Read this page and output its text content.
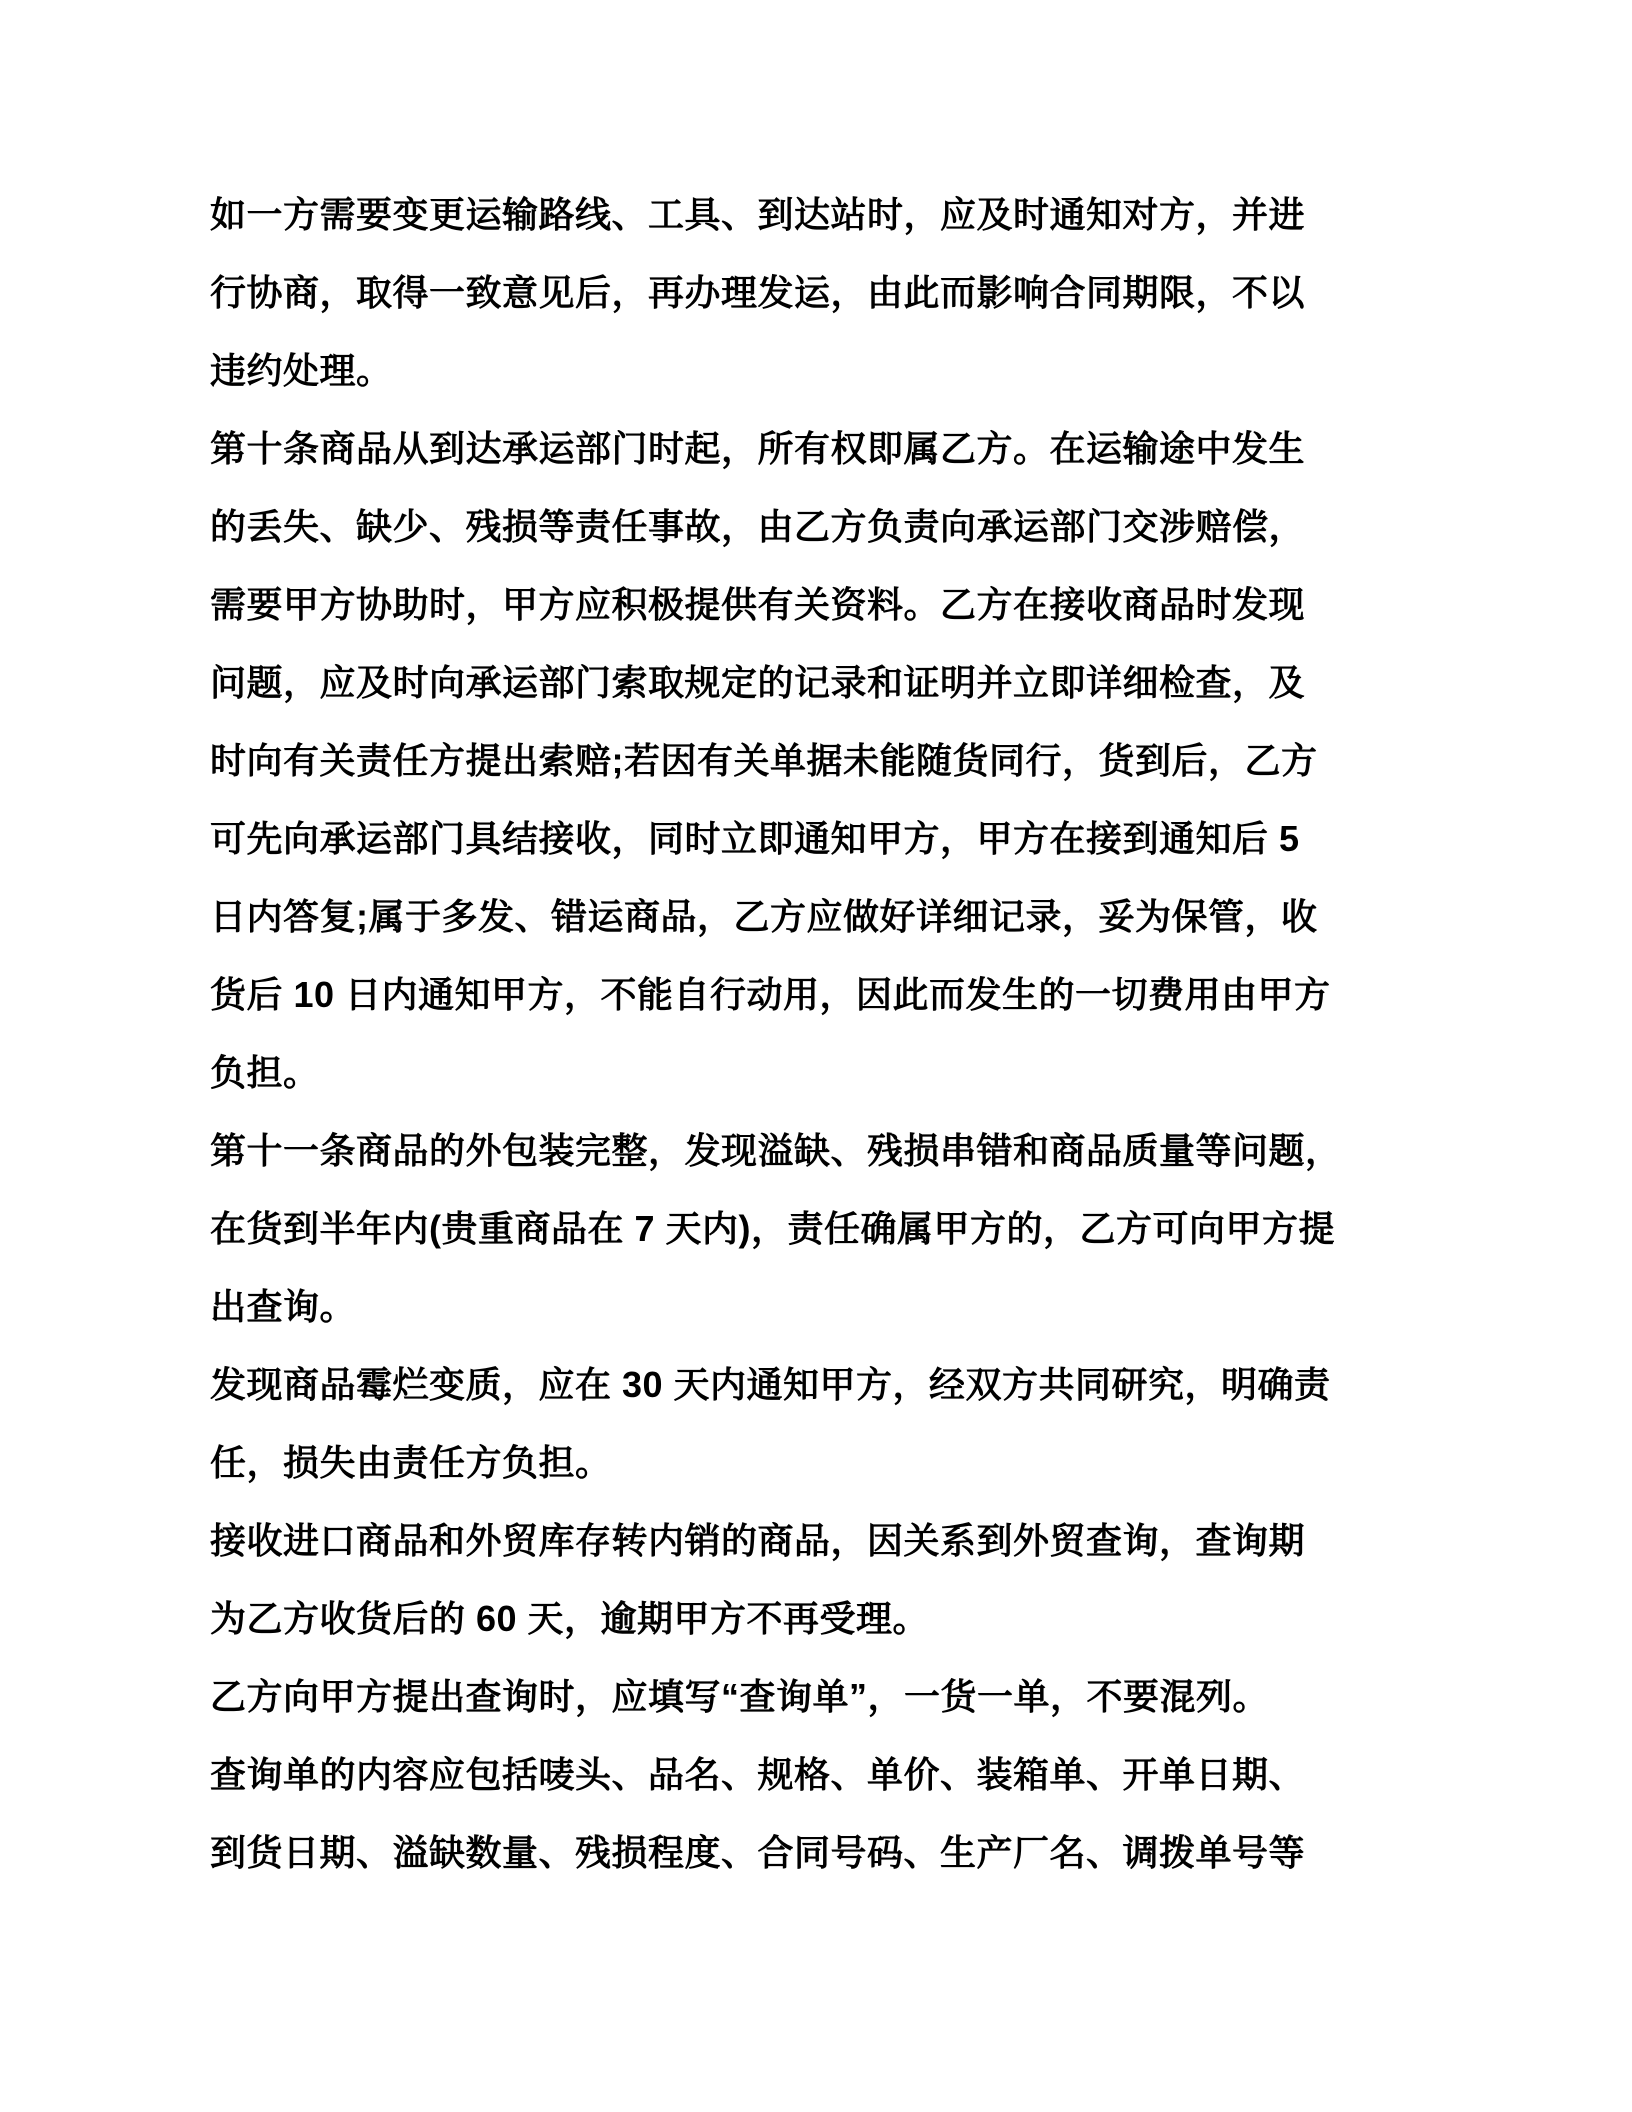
如一方需要变更运输路线、工具、到达站时，应及时通知对方，并进
行协商，取得一致意见后，再办理发运，由此而影响合同期限，不以
违约处理。
第十条商品从到达承运部门时起，所有权即属乙方。在运输途中发生
的丢失、缺少、残损等责任事故，由乙方负责向承运部门交涉赔偿，
需要甲方协助时，甲方应积极提供有关资料。乙方在接收商品时发现
问题，应及时向承运部门索取规定的记录和证明并立即详细检查，及
时向有关责任方提出索赔;若因有关单据未能随货同行，货到后，乙方
可先向承运部门具结接收，同时立即通知甲方，甲方在接到通知后 5
日内答复;属于多发、错运商品，乙方应做好详细记录，妥为保管，收
货后 10 日内通知甲方，不能自行动用，因此而发生的一切费用由甲方
负担。
第十一条商品的外包装完整，发现溢缺、残损串错和商品质量等问题，
在货到半年内(贵重商品在 7 天内)，责任确属甲方的，乙方可向甲方提
出查询。
发现商品霉烂变质，应在 30 天内通知甲方，经双方共同研究，明确责
任，损失由责任方负担。
接收进口商品和外贸库存转内销的商品，因关系到外贸查询，查询期
为乙方收货后的 60 天，逾期甲方不再受理。
乙方向甲方提出查询时，应填写“查询单”，一货一单，不要混列。
查询单的内容应包括唛头、品名、规格、单价、装箱单、开单日期、
到货日期、溢缺数量、残损程度、合同号码、生产厂名、调拨单号等
